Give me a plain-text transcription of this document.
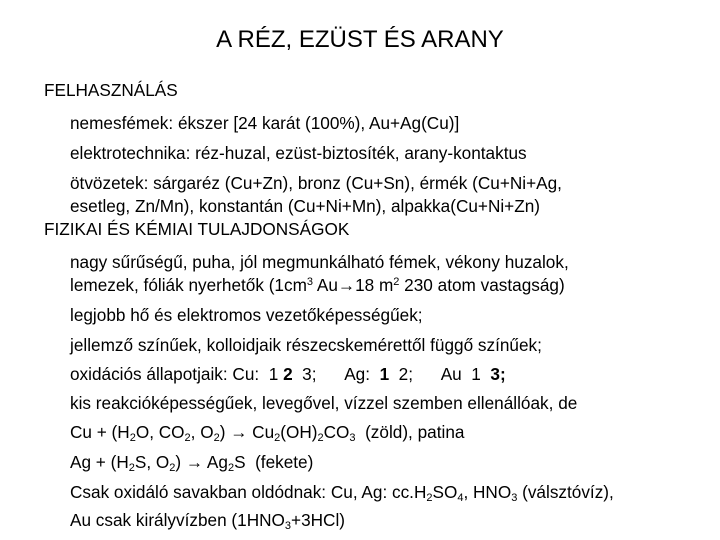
A RÉZ, EZÜST ÉS ARANY
FELHASZNÁLÁS
nemesfémek: ékszer [24 karát (100%), Au+Ag(Cu)]
elektrotechnika: réz-huzal, ezüst-biztosíték, arany-kontaktus
ötvözetek: sárgaréz (Cu+Zn), bronz (Cu+Sn), érmék (Cu+Ni+Ag,
esetleg, Zn/Mn), konstantán (Cu+Ni+Mn), alpakka(Cu+Ni+Zn)
FIZIKAI ÉS KÉMIAI TULAJDONSÁGOK
nagy sűrűségű, puha, jól megmunkálható fémek, vékony huzalok,
lemezek, fóliák nyerhetők ($1cm^3$ Au→18 $m^2$ 230 atom vastagság)
legjobb hő és elektromos vezetőképességűek;
jellemző színűek, kolloidjaik részecskemérettől függő színűek;
oxidációs állapotjaik: Cu:  1 2  3;      Ag:  1  2;      Au  1  3;
kis reakcióképességűek, levegővel, vízzel szemben ellenállóak, de
$Cu + (H_2O$, $CO_2$, $O_2) \to Cu_2(OH)_2CO_3$  (zöld), patina
$Ag + (H_2S$, $O_2) \to Ag_2S$  (fekete)
Csak oxidáló savakban oldódnak: Cu, Ag: $cc.H_2SO_4$, $HNO_3$ (válsztóvíz),
Au csak királyvízben $(1HNO_3+3HCl)$
